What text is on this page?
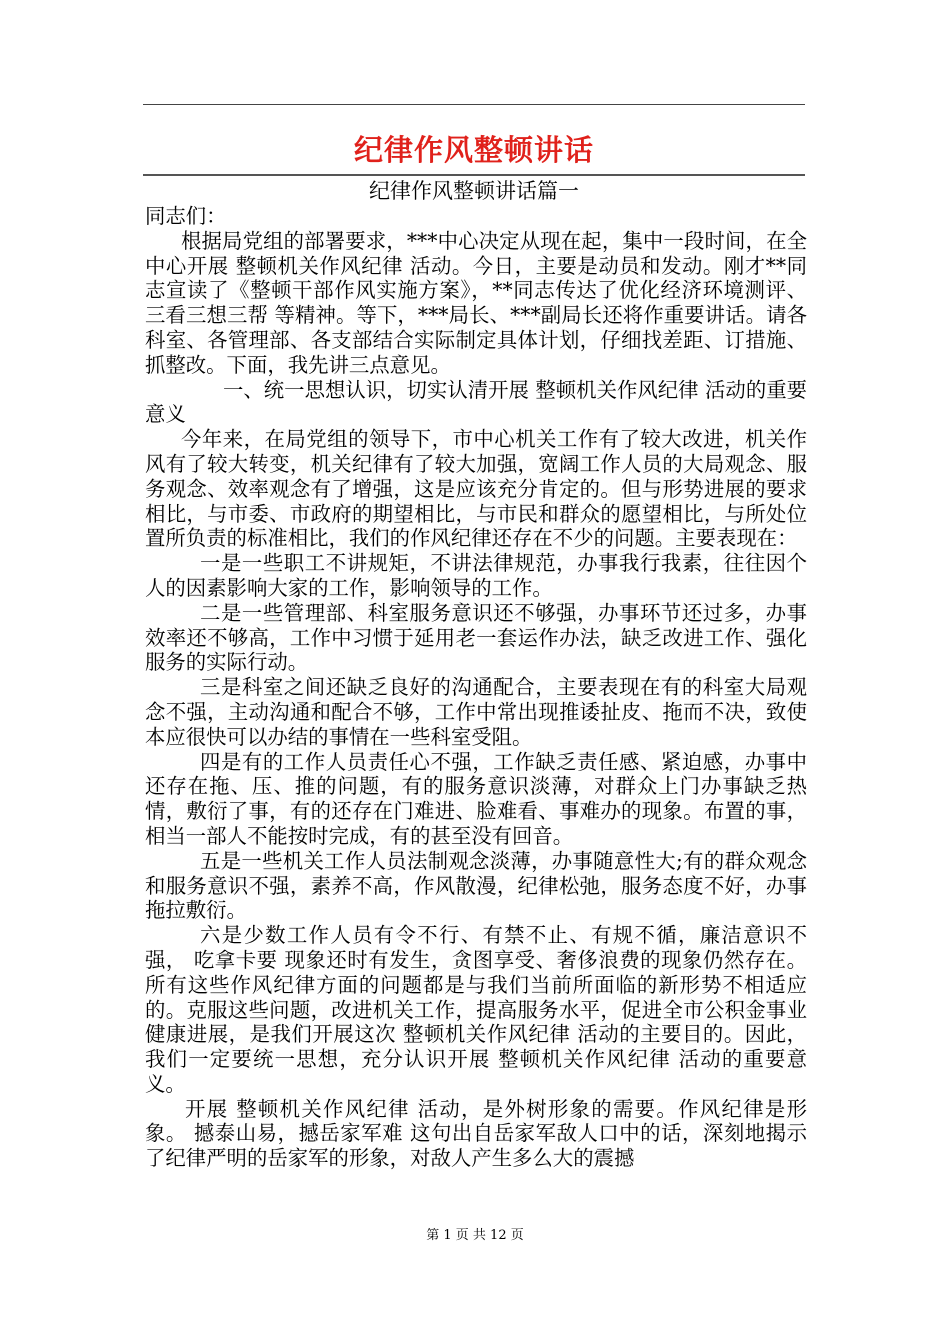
纪律作风整顿讲话
纪律作风整顿讲话篇一

同志们：

根据局党组的部署要求，***中心决定从现在起，集中一段时间，在全中心开展 整顿机关作风纪律 活动。今日，主要是动员和发动。刚才**同志宣读了《整顿干部作风实施方案》，**同志传达了优化经济环境测评、 三看三想三帮 等精神。等下，***局长、***副局长还将作重要讲话。请各科室、各管理部、各支部结合实际制定具体计划，仔细找差距、订措施、抓整改。下面，我先讲三点意见。

一、统一思想认识，切实认清开展 整顿机关作风纪律 活动的重要意义

今年来，在局党组的领导下，市中心机关工作有了较大改进，机关作风有了较大转变，机关纪律有了较大加强，宽阔工作人员的大局观念、服务观念、效率观念有了增强，这是应该充分肯定的。但与形势进展的要求相比，与市委、市政府的期望相比，与市民和群众的愿望相比，与所处位置所负责的标准相比，我们的作风纪律还存在不少的问题。主要表现在：

一是一些职工不讲规矩，不讲法律规范，办事我行我素，往往因个人的因素影响大家的工作，影响领导的工作。

二是一些管理部、科室服务意识还不够强，办事环节还过多，办事效率还不够高，工作中习惯于延用老一套运作办法，缺乏改进工作、强化服务的实际行动。

三是科室之间还缺乏良好的沟通配合，主要表现在有的科室大局观念不强，主动沟通和配合不够，工作中常出现推诿扯皮、拖而不决，致使本应很快可以办结的事情在一些科室受阻。

四是有的工作人员责任心不强，工作缺乏责任感、紧迫感，办事中还存在拖、压、推的问题，有的服务意识淡薄，对群众上门办事缺乏热情，敷衍了事，有的还存在门难进、脸难看、事难办的现象。布置的事，相当一部人不能按时完成，有的甚至没有回音。

五是一些机关工作人员法制观念淡薄，办事随意性大;有的群众观念和服务意识不强，素养不高，作风散漫，纪律松弛，服务态度不好，办事拖拉敷衍。

六是少数工作人员有令不行、有禁不止、有规不循，廉洁意识不强， 吃拿卡要 现象还时有发生，贪图享受、奢侈浪费的现象仍然存在。所有这些作风纪律方面的问题都是与我们当前所面临的新形势不相适应的。克服这些问题，改进机关工作，提高服务水平，促进全市公积金事业健康进展，是我们开展这次 整顿机关作风纪律 活动的主要目的。因此，我们一定要统一思想，充分认识开展 整顿机关作风纪律 活动的重要意义。

开展 整顿机关作风纪律 活动，是外树形象的需要。作风纪律是形象。 撼泰山易，撼岳家军难 这句出自岳家军敌人口中的话，深刻地揭示了纪律严明的岳家军的形象，对敌人产生多么大的震撼

第 1 页 共 12 页
